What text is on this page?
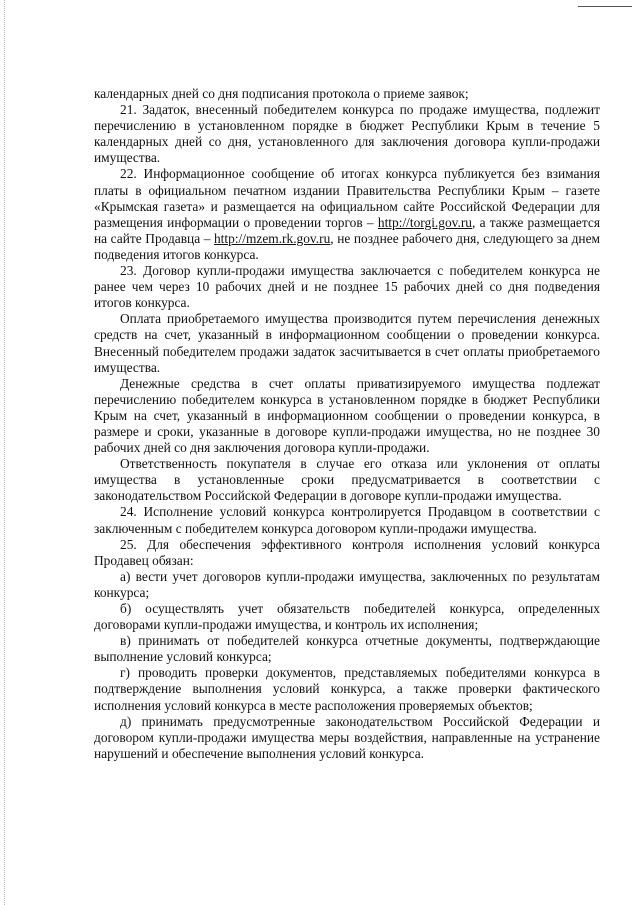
календарных дней со дня подписания протокола о приеме заявок;

21. Задаток, внесенный победителем конкурса по продаже имущества, подлежит перечислению в установленном порядке в бюджет Республики Крым в течение 5 календарных дней со дня, установленного для заключения договора купли-продажи имущества.

22. Информационное сообщение об итогах конкурса публикуется без взимания платы в официальном печатном издании Правительства Республики Крым – газете «Крымская газета» и размещается на официальном сайте Российской Федерации для размещения информации о проведении торгов – http://torgi.gov.ru, а также размещается на сайте Продавца – http://mzem.rk.gov.ru, не позднее рабочего дня, следующего за днем подведения итогов конкурса.

23. Договор купли-продажи имущества заключается с победителем конкурса не ранее чем через 10 рабочих дней и не позднее 15 рабочих дней со дня подведения итогов конкурса.

Оплата приобретаемого имущества производится путем перечисления денежных средств на счет, указанный в информационном сообщении о проведении конкурса. Внесенный победителем продажи задаток засчитывается в счет оплаты приобретаемого имущества.

Денежные средства в счет оплаты приватизируемого имущества подлежат перечислению победителем конкурса в установленном порядке в бюджет Республики Крым на счет, указанный в информационном сообщении о проведении конкурса, в размере и сроки, указанные в договоре купли-продажи имущества, но не позднее 30 рабочих дней со дня заключения договора купли-продажи.

Ответственность покупателя в случае его отказа или уклонения от оплаты имущества в установленные сроки предусматривается в соответствии с законодательством Российской Федерации в договоре купли-продажи имущества.

24. Исполнение условий конкурса контролируется Продавцом в соответствии с заключенным с победителем конкурса договором купли-продажи имущества.

25. Для обеспечения эффективного контроля исполнения условий конкурса Продавец обязан:

а) вести учет договоров купли-продажи имущества, заключенных по результатам конкурса;

б) осуществлять учет обязательств победителей конкурса, определенных договорами купли-продажи имущества, и контроль их исполнения;

в) принимать от победителей конкурса отчетные документы, подтверждающие выполнение условий конкурса;

г) проводить проверки документов, представляемых победителями конкурса в подтверждение выполнения условий конкурса, а также проверки фактического исполнения условий конкурса в месте расположения проверяемых объектов;

д) принимать предусмотренные законодательством Российской Федерации и договором купли-продажи имущества меры воздействия, направленные на устранение нарушений и обеспечение выполнения условий конкурса.
